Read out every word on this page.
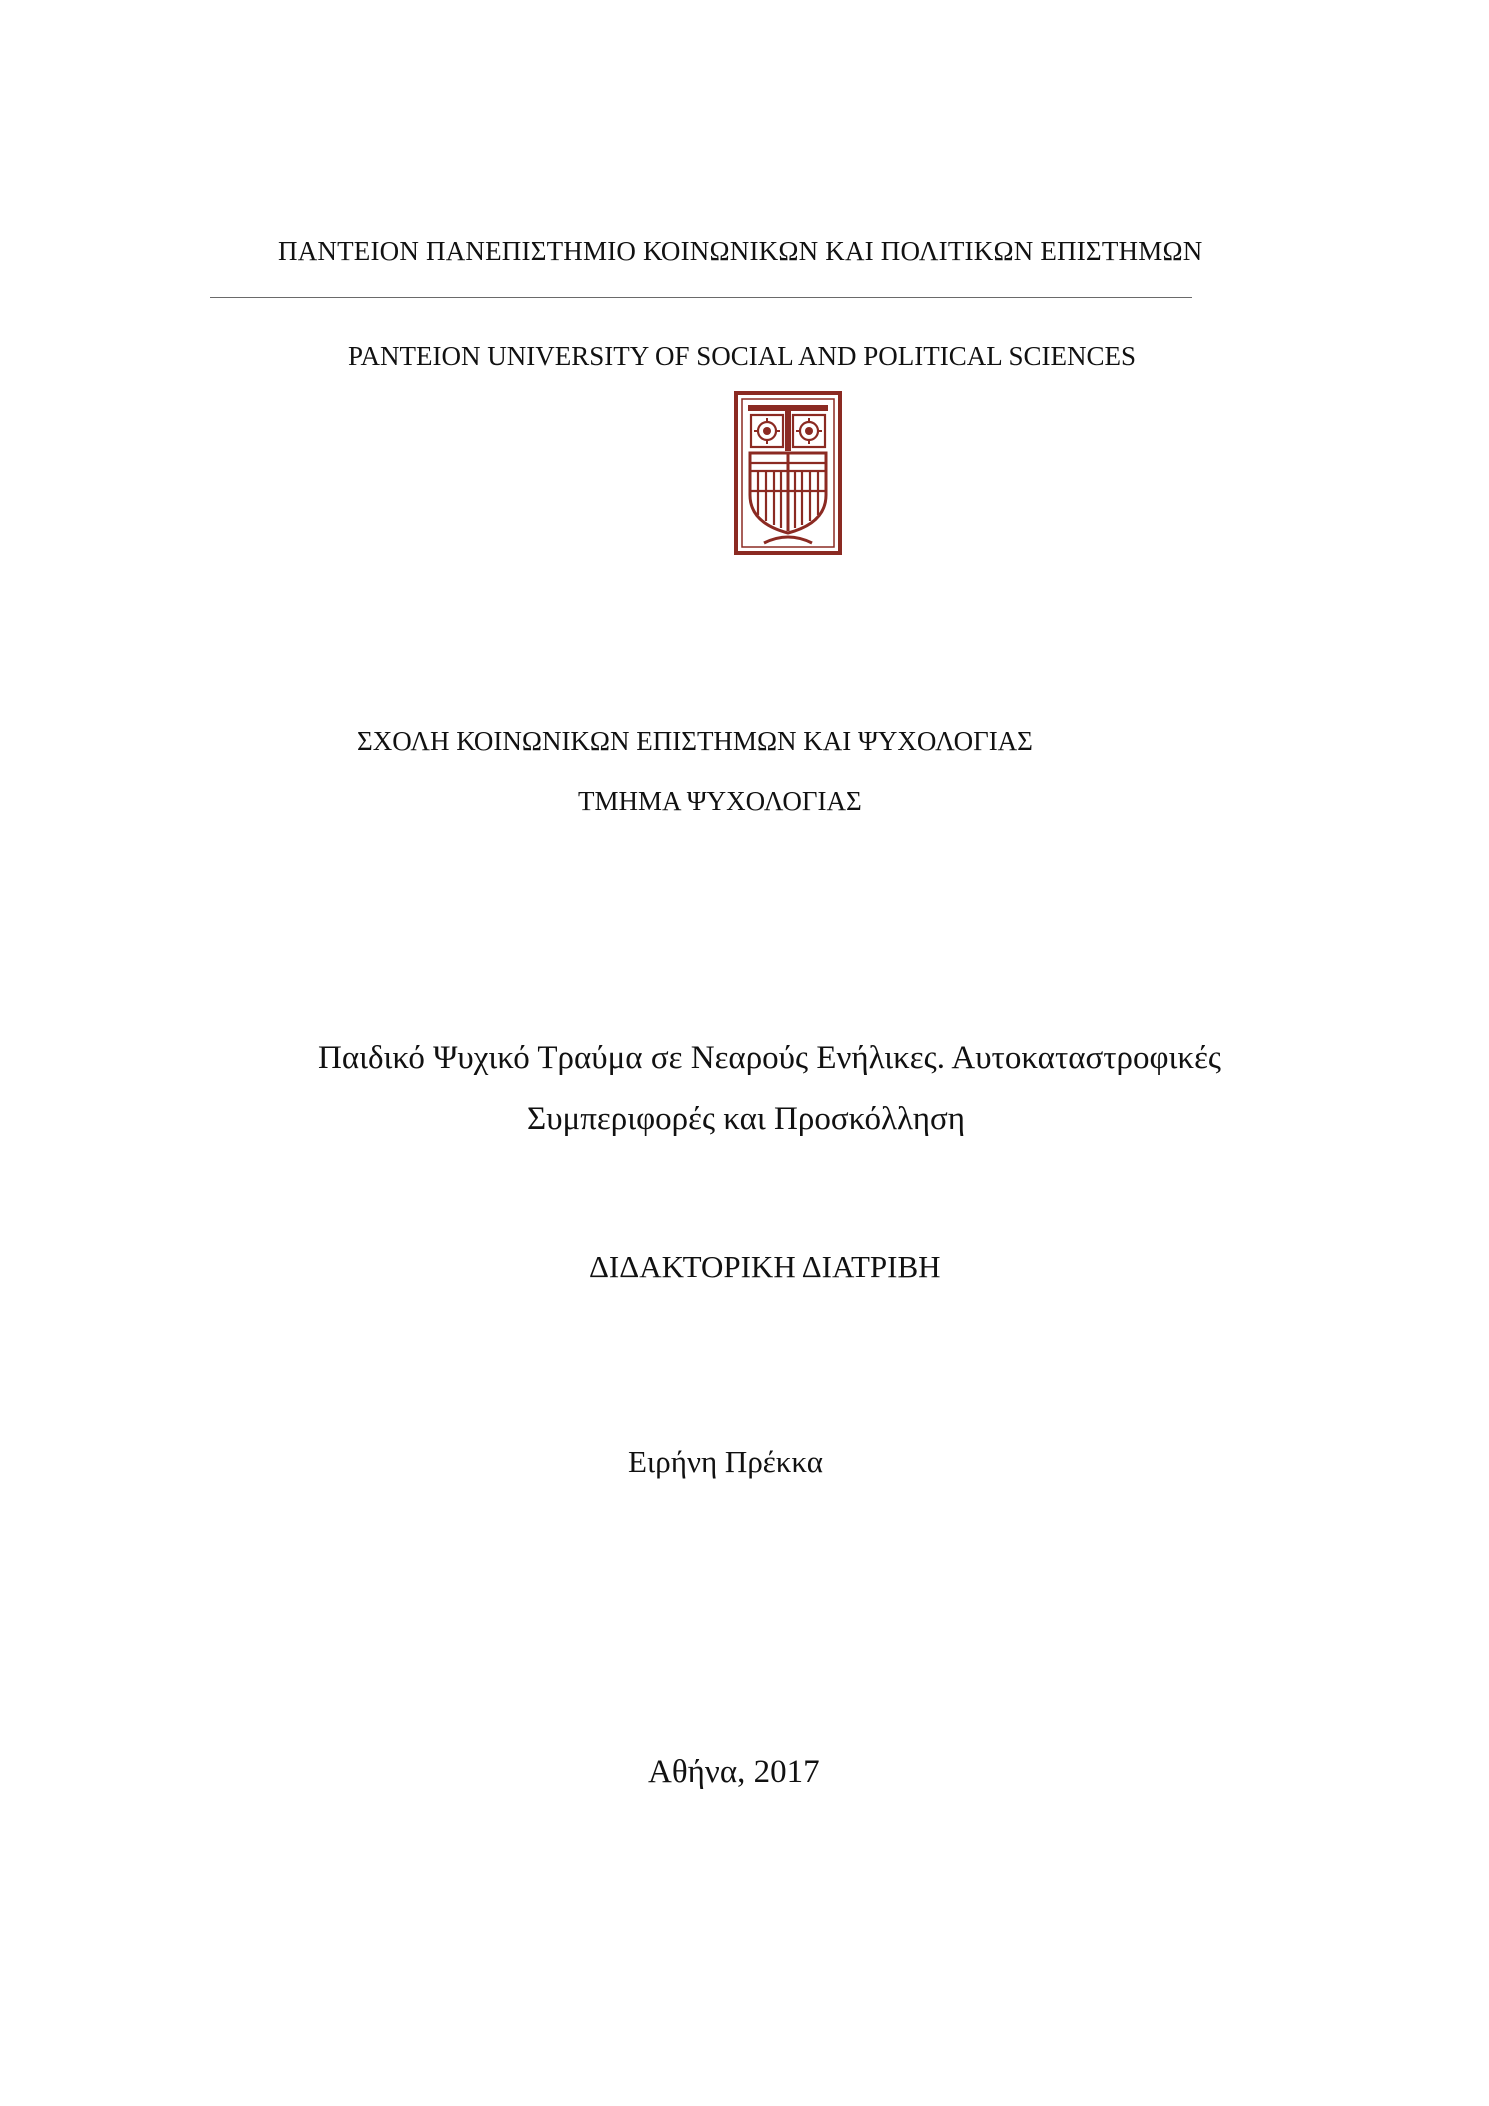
ΠΑΝΤΕΙΟΝ ΠΑΝΕΠΙΣΤΗΜΙΟ ΚΟΙΝΩΝΙΚΩΝ ΚΑΙ ΠΟΛΙΤΙΚΩΝ ΕΠΙΣΤΗΜΩΝ
PANTEION UNIVERSITY OF SOCIAL AND POLITICAL SCIENCES
ΣΧΟΛΗ ΚΟΙΝΩΝΙΚΩΝ ΕΠΙΣΤΗΜΩΝ ΚΑΙ ΨΥΧΟΛΟΓΙΑΣ
ΤΜΗΜΑ ΨΥΧΟΛΟΓΙΑΣ
Παιδικό Ψυχικό Τραύμα σε Νεαρούς Ενήλικες. Αυτοκαταστροφικές
Συμπεριφορές και Προσκόλληση
ΔΙΔΑΚΤΟΡΙΚΗ ΔΙΑΤΡΙΒΗ
Ειρήνη Πρέκκα
Αθήνα, 2017
